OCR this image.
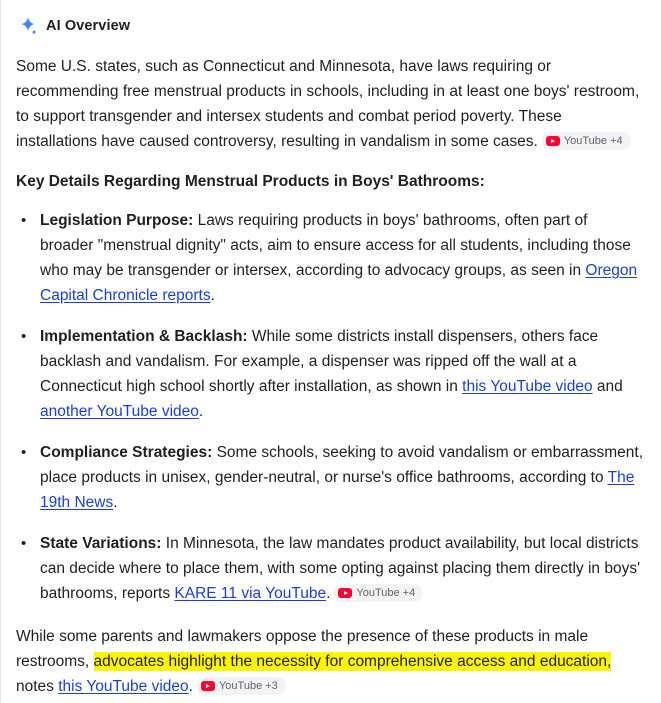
AI Overview

Some U.S. states, such as Connecticut and Minnesota, have laws requiring or recommending free menstrual products in schools, including in at least one boys' restroom, to support transgender and intersex students and combat period poverty. These installations have caused controversy, resulting in vandalism in some cases. YouTube +4

Key Details Regarding Menstrual Products in Boys' Bathrooms:
• Legislation Purpose: Laws requiring products in boys' bathrooms, often part of broader "menstrual dignity" acts, aim to ensure access for all students, including those who may be transgender or intersex, according to advocacy groups, as seen in Oregon Capital Chronicle reports.
• Implementation & Backlash: While some districts install dispensers, others face backlash and vandalism. For example, a dispenser was ripped off the wall at a Connecticut high school shortly after installation, as shown in this YouTube video and another YouTube video.
• Compliance Strategies: Some schools, seeking to avoid vandalism or embarrassment, place products in unisex, gender-neutral, or nurse's office bathrooms, according to The 19th News.
• State Variations: In Minnesota, the law mandates product availability, but local districts can decide where to place them, with some opting against placing them directly in boys' bathrooms, reports KARE 11 via YouTube. YouTube +4

While some parents and lawmakers oppose the presence of these products in male restrooms, advocates highlight the necessity for comprehensive access and education, notes this YouTube video. YouTube +3
